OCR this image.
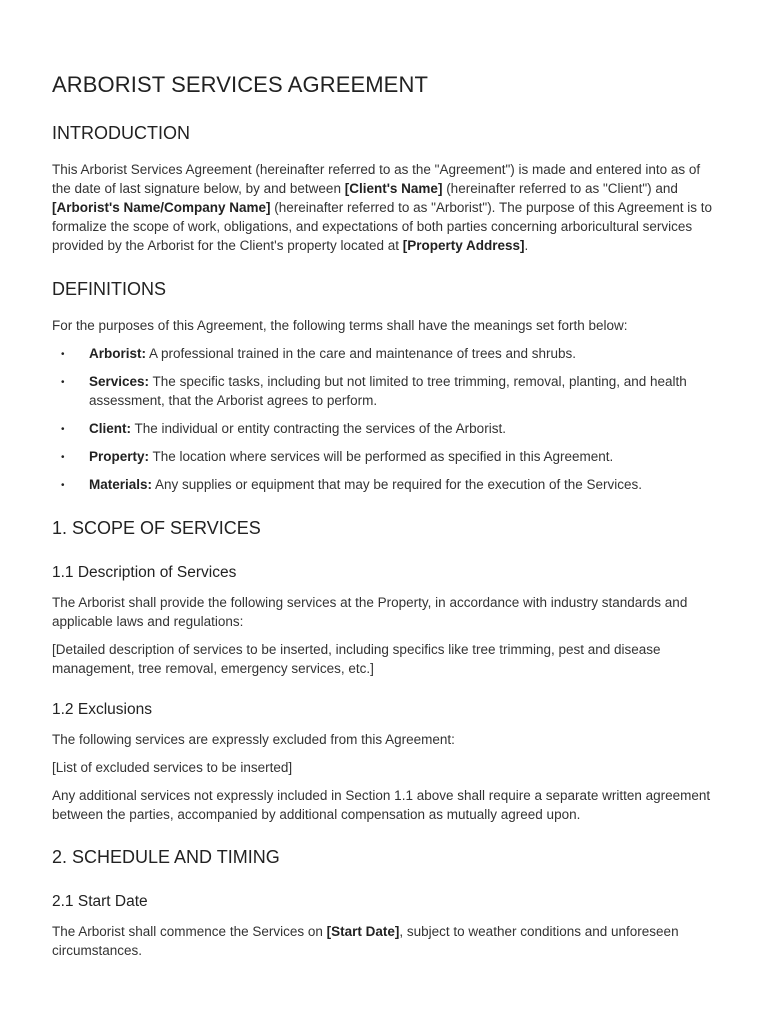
ARBORIST SERVICES AGREEMENT
INTRODUCTION

This Arborist Services Agreement (hereinafter referred to as the "Agreement") is made and entered into as of the date of last signature below, by and between [Client's Name] (hereinafter referred to as "Client") and [Arborist's Name/Company Name] (hereinafter referred to as "Arborist"). The purpose of this Agreement is to formalize the scope of work, obligations, and expectations of both parties concerning arboricultural services provided by the Arborist for the Client's property located at [Property Address].

DEFINITIONS

For the purposes of this Agreement, the following terms shall have the meanings set forth below:

• Arborist: A professional trained in the care and maintenance of trees and shrubs.
• Services: The specific tasks, including but not limited to tree trimming, removal, planting, and health assessment, that the Arborist agrees to perform.
• Client: The individual or entity contracting the services of the Arborist.
• Property: The location where services will be performed as specified in this Agreement.
• Materials: Any supplies or equipment that may be required for the execution of the Services.
1. SCOPE OF SERVICES
1.1 Description of Services

The Arborist shall provide the following services at the Property, in accordance with industry standards and applicable laws and regulations:

[Detailed description of services to be inserted, including specifics like tree trimming, pest and disease management, tree removal, emergency services, etc.]

1.2 Exclusions

The following services are expressly excluded from this Agreement:

[List of excluded services to be inserted]

Any additional services not expressly included in Section 1.1 above shall require a separate written agreement between the parties, accompanied by additional compensation as mutually agreed upon.

2. SCHEDULE AND TIMING
2.1 Start Date

The Arborist shall commence the Services on [Start Date], subject to weather conditions and unforeseen circumstances.
